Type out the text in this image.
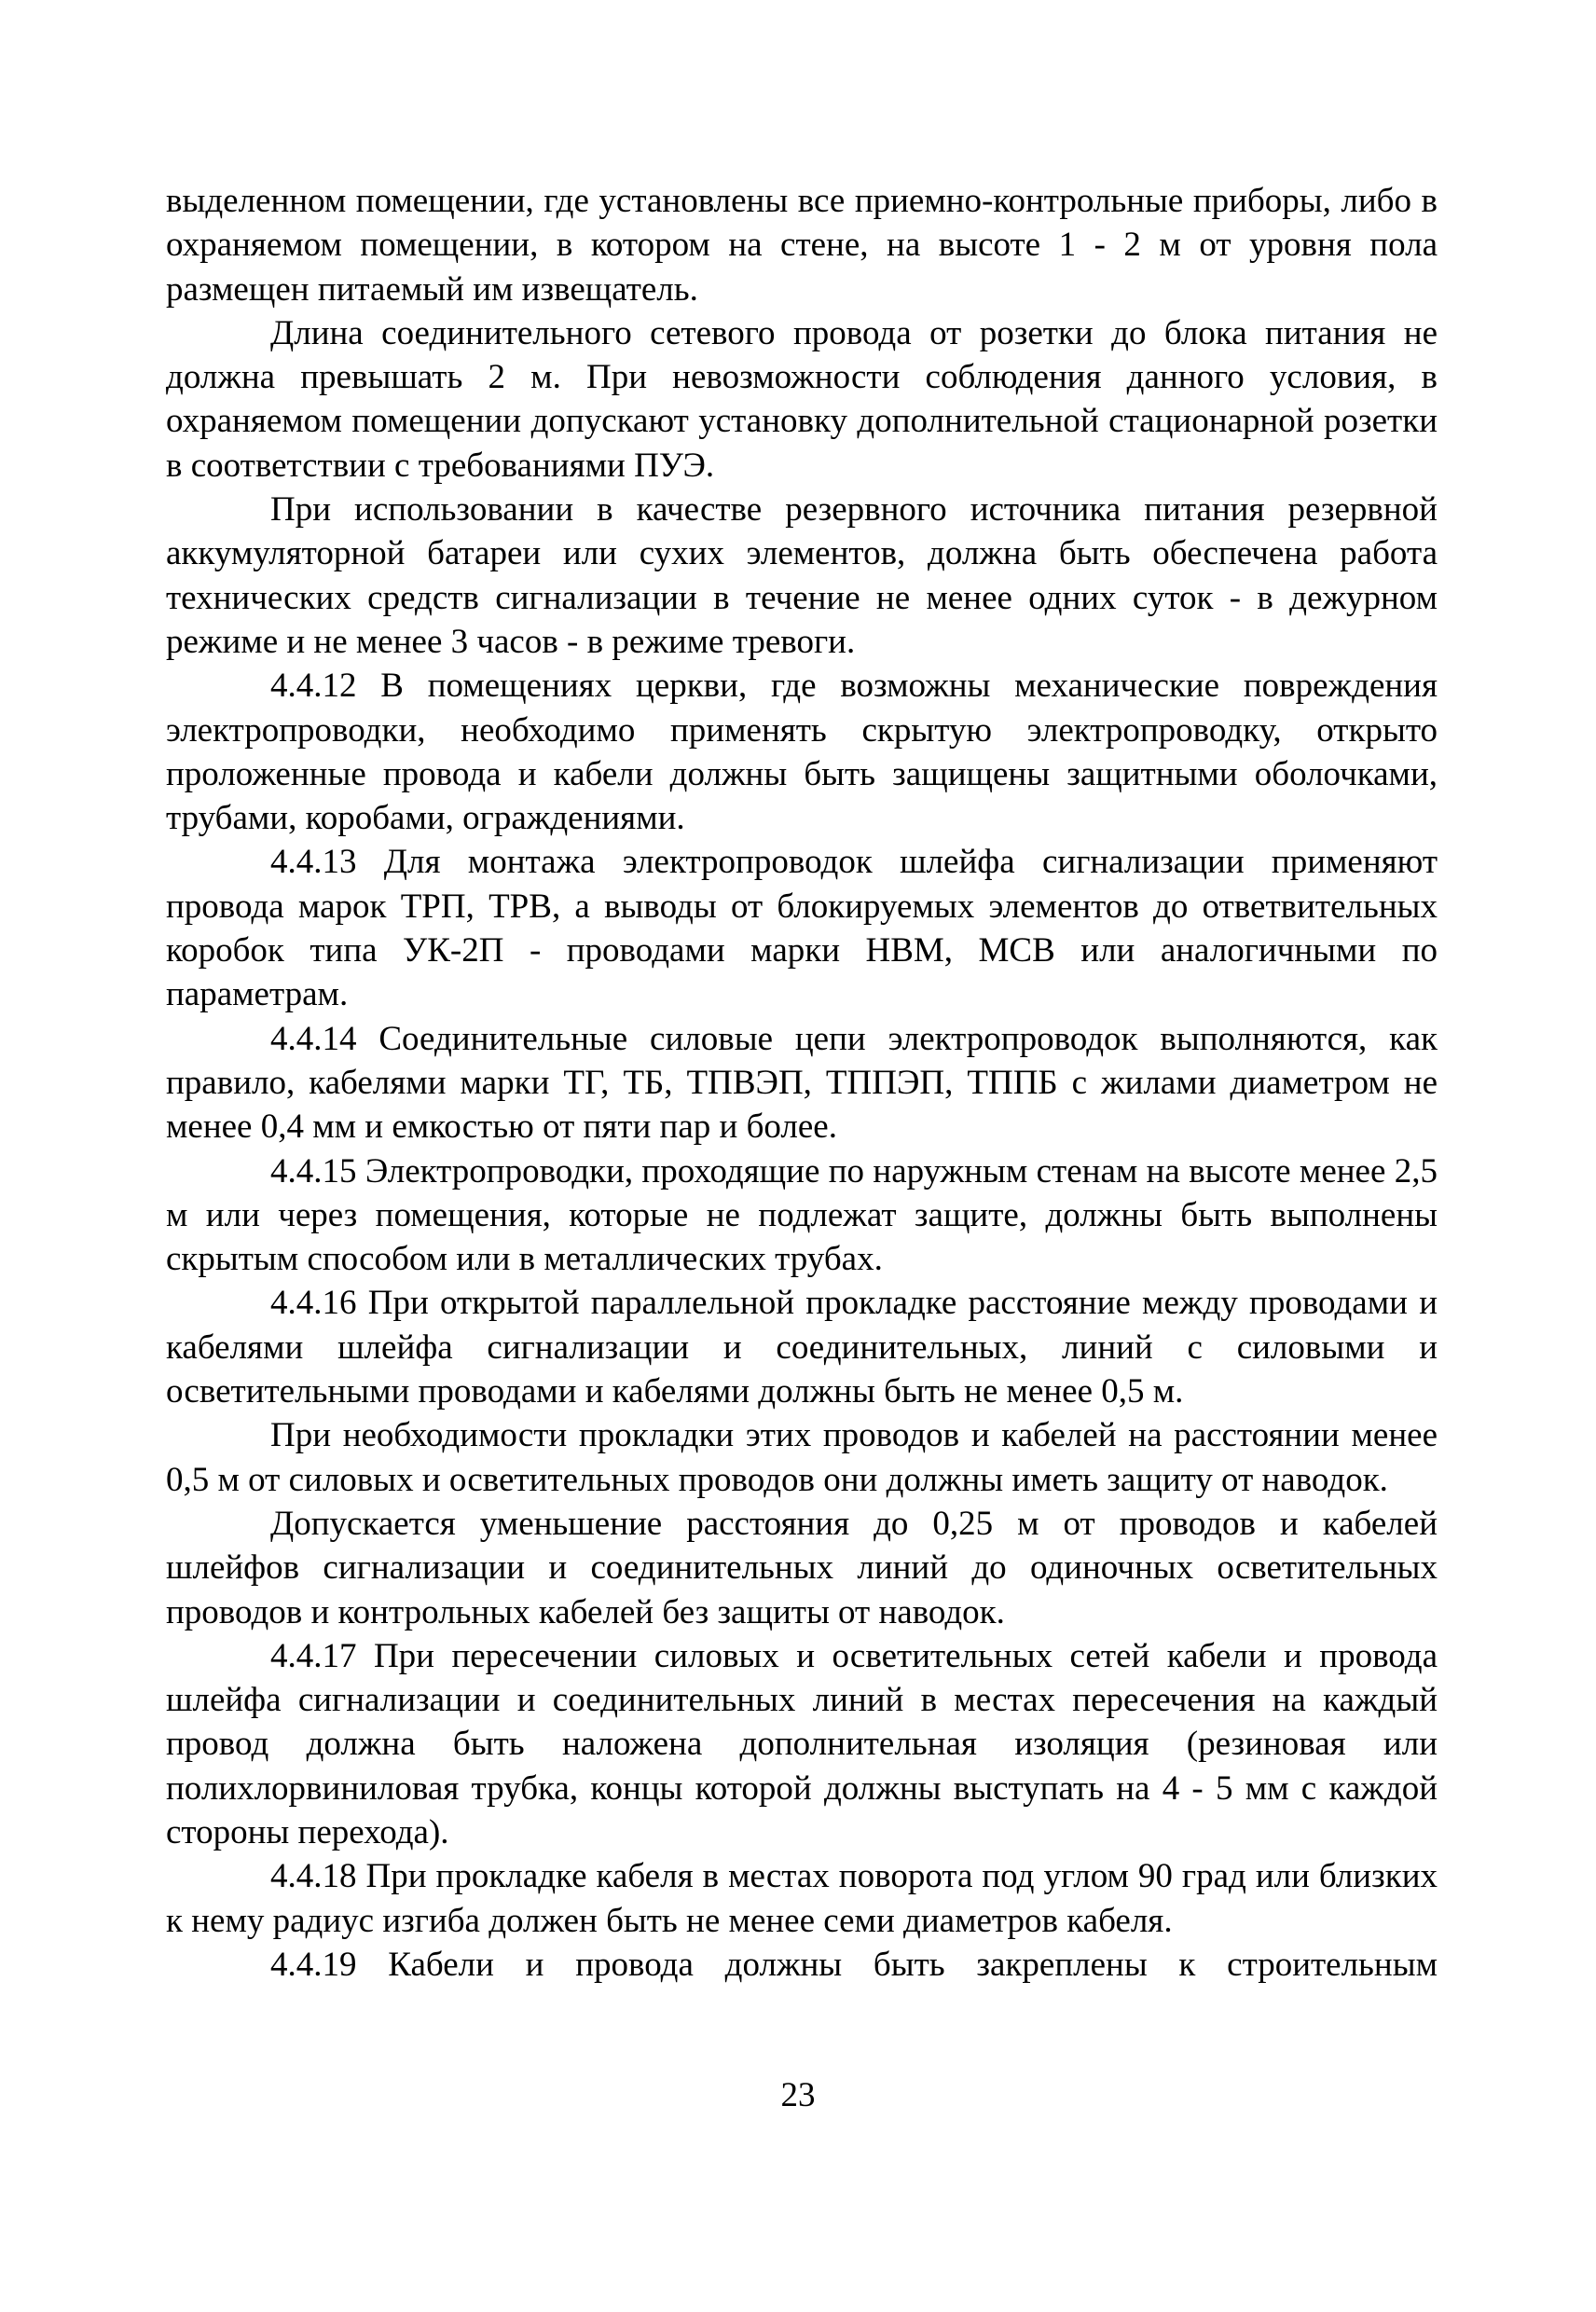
выделенном помещении, где установлены все приемно-контрольные приборы, либо в охраняемом помещении, в котором на стене, на высоте 1 - 2 м от уровня пола размещен питаемый им извещатель.

Длина соединительного сетевого провода от розетки до блока питания не должна превышать 2 м. При невозможности соблюдения данного условия, в охраняемом помещении допускают установку дополнительной стационарной розетки в соответствии с требованиями ПУЭ.

При использовании в качестве резервного источника питания резервной аккумуляторной батареи или сухих элементов, должна быть обеспечена работа технических средств сигнализации в течение не менее одних суток - в дежурном режиме и не менее 3 часов - в режиме тревоги.

4.4.12 В помещениях церкви, где возможны механические повреждения электропроводки, необходимо применять скрытую электропроводку, открыто проложенные провода и кабели должны быть защищены защитными оболочками, трубами, коробами, ограждениями.

4.4.13 Для монтажа электропроводок шлейфа сигнализации применяют провода марок ТРП, ТРВ, а выводы от блокируемых элементов до ответвительных коробок типа УК-2П - проводами марки НВМ, МСВ или аналогичными по параметрам.

4.4.14 Соединительные силовые цепи электропроводок выполняются, как правило, кабелями марки ТГ, ТБ, ТПВЭП, ТППЭП, ТППБ с жилами диаметром не менее 0,4 мм и емкостью от пяти пар и более.

4.4.15 Электропроводки, проходящие по наружным стенам на высоте менее 2,5 м или через помещения, которые не подлежат защите, должны быть выполнены скрытым способом или в металлических трубах.

4.4.16 При открытой параллельной прокладке расстояние между проводами и кабелями шлейфа сигнализации и соединительных, линий с силовыми и осветительными проводами и кабелями должны быть не менее 0,5 м.

При необходимости прокладки этих проводов и кабелей на расстоянии менее 0,5 м от силовых и осветительных проводов они должны иметь защиту от наводок.

Допускается уменьшение расстояния до 0,25 м от проводов и кабелей шлейфов сигнализации и соединительных линий до одиночных осветительных проводов и контрольных кабелей без защиты от наводок.

4.4.17 При пересечении силовых и осветительных сетей кабели и провода шлейфа сигнализации и соединительных линий в местах пересечения на каждый провод должна быть наложена дополнительная изоляция (резиновая или полихлорвиниловая трубка, концы которой должны выступать на 4 - 5 мм с каждой стороны перехода).

4.4.18 При прокладке кабеля в местах поворота под углом 90 град или близких к нему радиус изгиба должен быть не менее семи диаметров кабеля.

4.4.19 Кабели и провода должны быть закреплены к строительным

23
